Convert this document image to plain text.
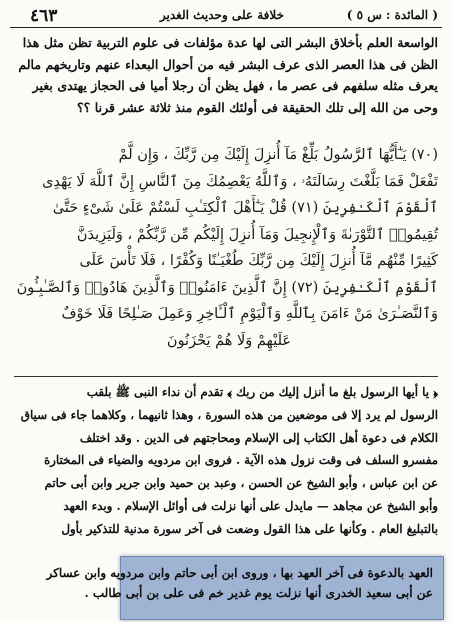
( المائدة : س ٥ )
خلافة على وحديث الغدير
٤٦٣
الواسعة العلم بأخلاق البشر التى لها عدة مؤلفات فى علوم التربية تظن مثل هذا
الظن فى هذا العصر الذى عرف البشر فيه من أحوال البعداء عنهم وتاريخهم مالم
يعرف مثله سلفهم فى عصر ما ، فهل يظن أن رجلا أميا فى الحجاز يهتدى بغير
وحى من الله إلى تلك الحقيقة فى أولئك القوم منذ ثلاثة عشر قرنا ؟؟
(٧٠) يَـٰٓأَيُّهَا ٱلرَّسُولُ بَلِّغْ مَآ أُنزِلَ إِلَيْكَ مِن رَّبِّكَ ، وَإِن لَّمْ
تَفْعَلْ فَمَا بَلَّغْتَ رِسَالَتَهُۥ ، وَٱللَّهُ يَعْصِمُكَ مِنَ ٱلنَّاسِ إِنَّ ٱللَّهَ لَا يَهْدِى
ٱلْقَوْمَ ٱلْكَـٰفِرِينَ (٧١) قُلْ يَـٰٓأَهْلَ ٱلْكِتَـٰبِ لَسْتُمْ عَلَىٰ شَىْءٍ حَتَّىٰ
تُقِيمُوا۟ ٱلتَّوْرَىٰةَ وَٱلْإِنجِيلَ وَمَآ أُنزِلَ إِلَيْكُم مِّن رَّبِّكُمْ ، وَلَيَزِيدَنَّ
كَثِيرًا مِّنْهُم مَّآ أُنزِلَ إِلَيْكَ مِن رَّبِّكَ طُغْيَـٰنًا وَكُفْرًا ، فَلَا تَأْسَ عَلَى
ٱلْقَوْمِ ٱلْكَـٰفِرِينَ (٧٢) إِنَّ ٱلَّذِينَ ءَامَنُوا۟ وَٱلَّذِينَ هَادُوا۟ وَٱلصَّـٰبِـُٔونَ
وَٱلنَّصَـٰرَىٰ مَنْ ءَامَنَ بِٱللَّهِ وَٱلْيَوْمِ ٱلْـَٔاخِرِ وَعَمِلَ صَـٰلِحًا فَلَا خَوْفٌ
عَلَيْهِمْ وَلَا هُمْ يَحْزَنُونَ
﴿ يا أيها الرسول بلغ ما أنزل إليك من ربك ﴾ تقدم أن نداء النبى ﷺ بلقب
الرسول لم يرد إلا فى موضعين من هذه السورة ، وهذا ثانيهما ، وكلاهما جاء فى سياق
الكلام فى دعوة أهل الكتاب إلى الإسلام ومحاجتهم فى الدين . وقد اختلف
مفسرو السلف فى وقت نزول هذه الآية . فروى ابن مردويه والضياء فى المختارة
عن ابن عباس ، وأبو الشيخ عن الحسن ، وعبد بن حميد وابن جرير وابن أبى حاتم
وأبو الشيخ عن مجاهد — مايدل على أنها نزلت فى أوائل الإسلام . وبدء العهد
بالتبليغ العام . وكأنها على هذا القول وضعت فى آخر سورة مدنية للتذكير بأول
العهد بالدعوة فى آخر العهد بها ، وروى ابن أبى حاتم وابن مردويه وابن عساكر
عن أبى سعيد الخدرى أنها نزلت يوم غدير خم فى على بن أبى طالب .
